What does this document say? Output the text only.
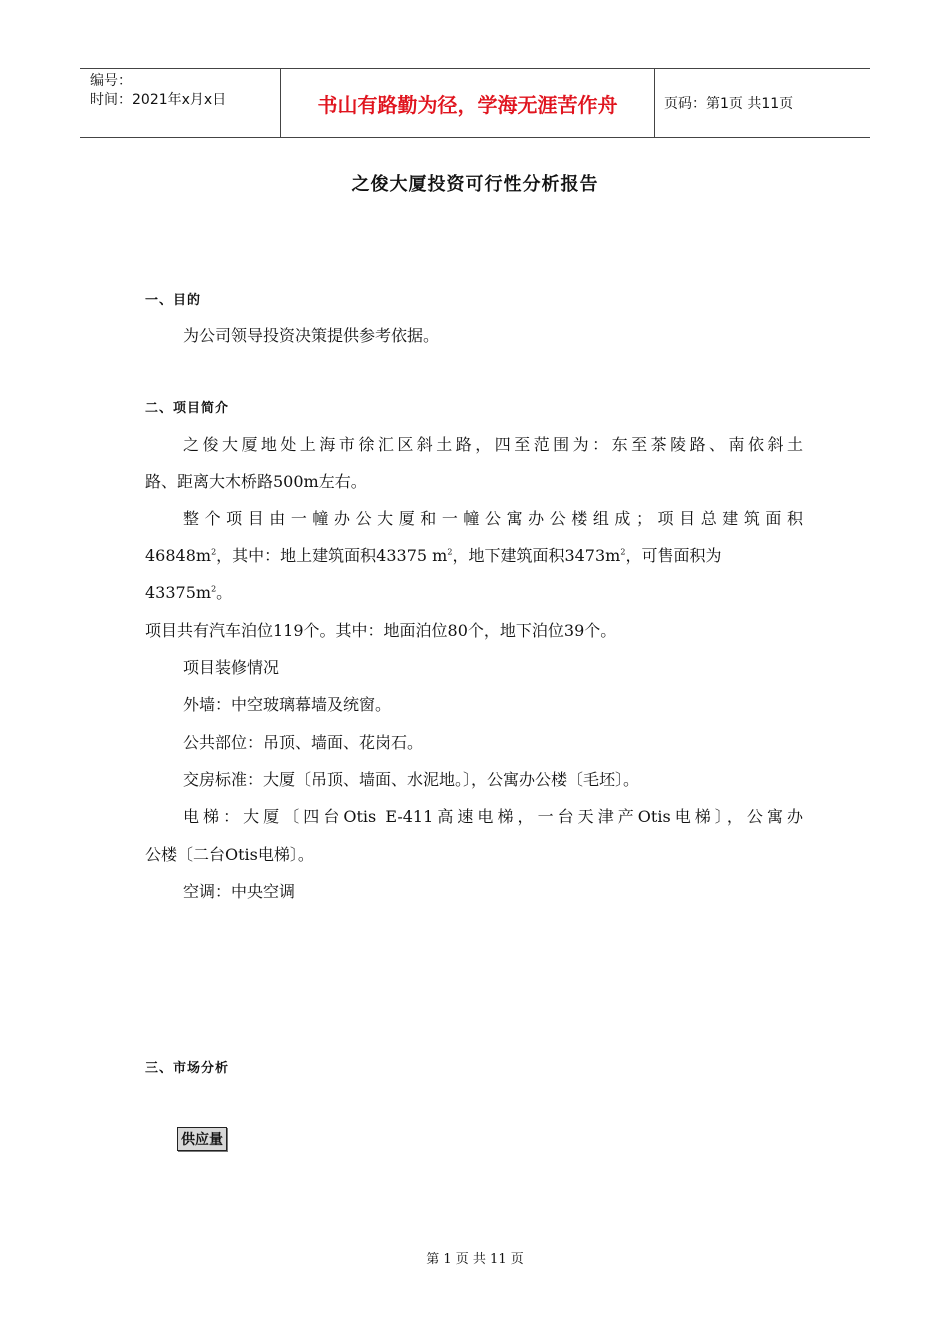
编号：
时间：2021年x月x日	书山有路勤为径，学海无涯苦作舟	页码：第1页 共11页
之俊大厦投资可行性分析报告
一、目的
为公司领导投资决策提供参考依据。
二、项目简介
之俊大厦地处上海市徐汇区斜土路，四至范围为：东至茶陵路、南依斜土
路、距离大木桥路500m左右。
整个项目由一幢办公大厦和一幢公寓办公楼组成；项目总建筑面积
$46848m^2$，其中：地上建筑面积43375 $m^2$，地下建筑面积$3473m^2$，可售面积为
$43375m^2$。
项目共有汽车泊位119个。其中：地面泊位80个，地下泊位39个。
项目装修情况
外墙：中空玻璃幕墙及统窗。
公共部位：吊顶、墙面、花岗石。
交房标准：大厦〔吊顶、墙面、水泥地。〕，公寓办公楼〔毛坯〕。
电梯：大厦〔四台Otis E-411高速电梯，一台天津产Otis电梯〕，公寓办
公楼〔二台Otis电梯〕。
空调：中央空调
三、市场分析
供应量
第 1 页 共 11 页
